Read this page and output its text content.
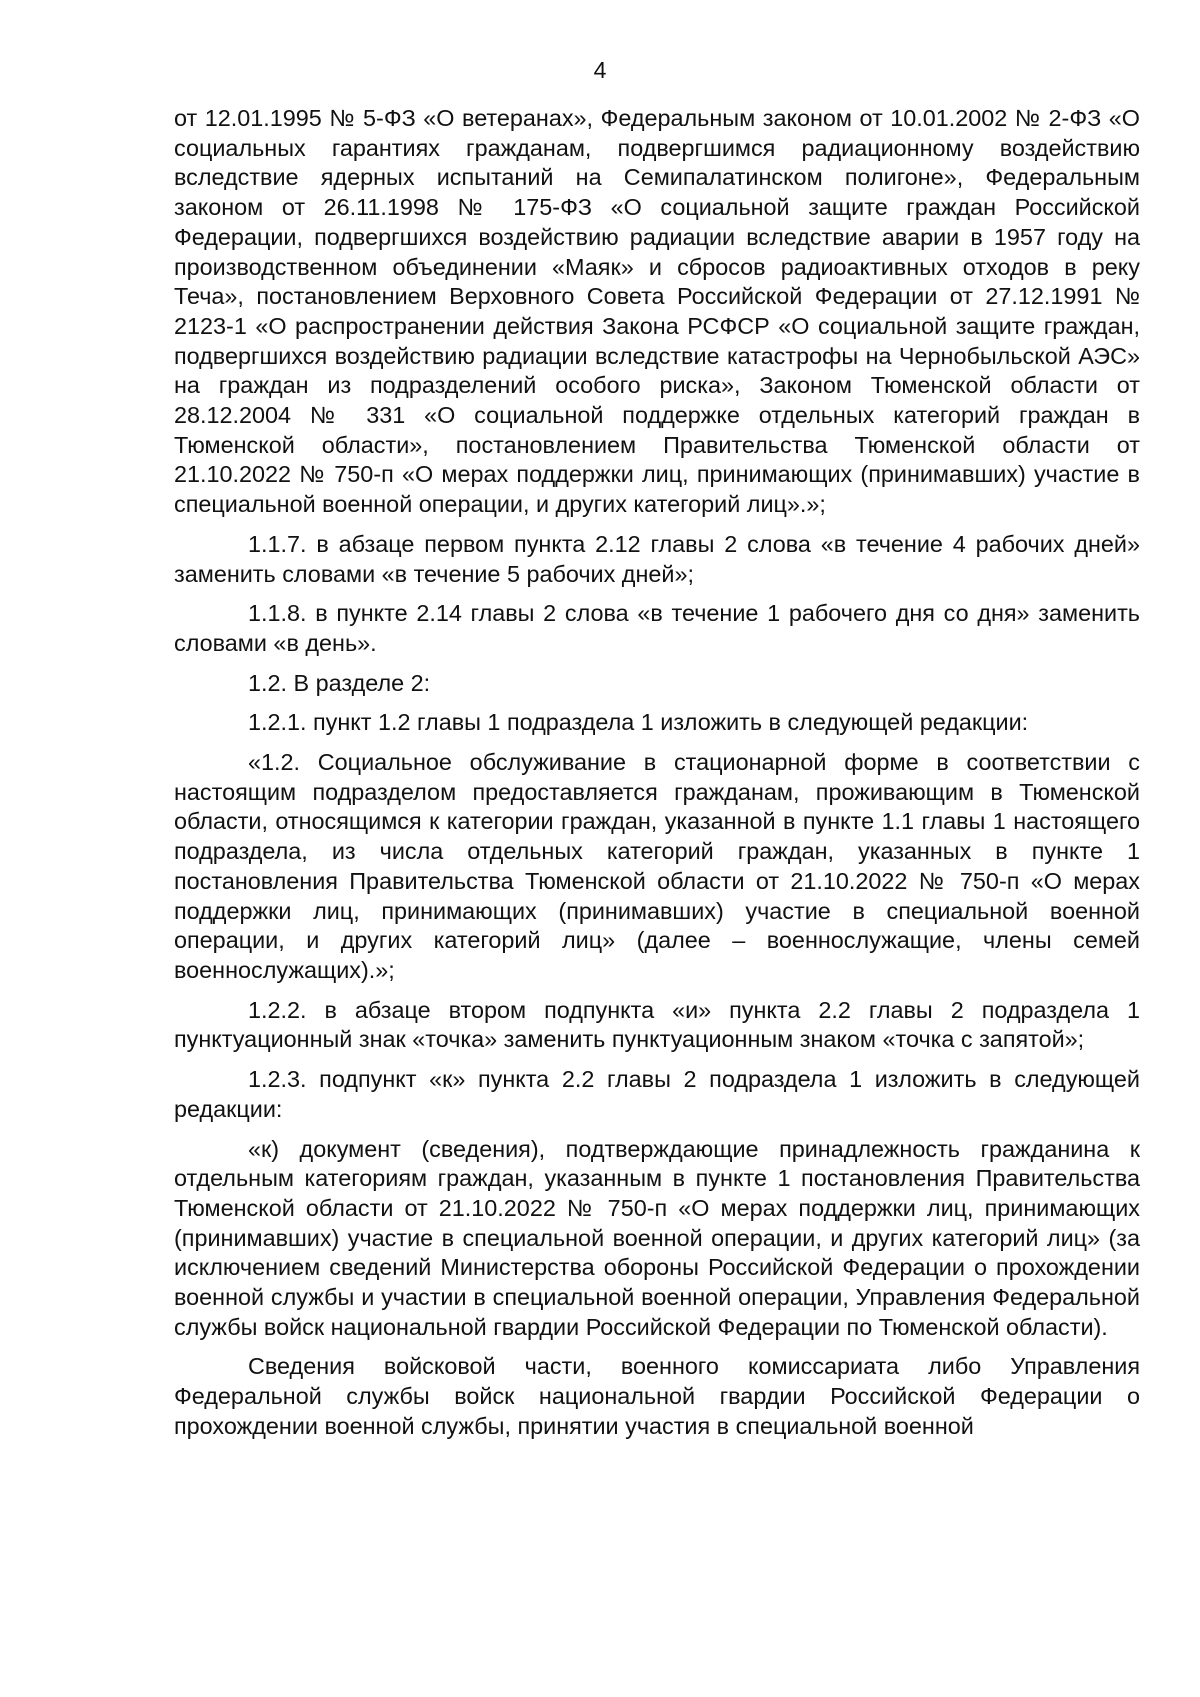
4

от 12.01.1995 № 5-ФЗ «О ветеранах», Федеральным законом от 10.01.2002 № 2-ФЗ «О социальных гарантиях гражданам, подвергшимся радиационному воздействию вследствие ядерных испытаний на Семипалатинском полигоне», Федеральным законом от 26.11.1998 № 175-ФЗ «О социальной защите граждан Российской Федерации, подвергшихся воздействию радиации вследствие аварии в 1957 году на производственном объединении «Маяк» и сбросов радиоактивных отходов в реку Теча», постановлением Верховного Совета Российской Федерации от 27.12.1991 № 2123-1 «О распространении действия Закона РСФСР «О социальной защите граждан, подвергшихся воздействию радиации вследствие катастрофы на Чернобыльской АЭС» на граждан из подразделений особого риска», Законом Тюменской области от 28.12.2004 № 331 «О социальной поддержке отдельных категорий граждан в Тюменской области», постановлением Правительства Тюменской области от 21.10.2022 № 750-п «О мерах поддержки лиц, принимающих (принимавших) участие в специальной военной операции, и других категорий лиц».»;

1.1.7. в абзаце первом пункта 2.12 главы 2 слова «в течение 4 рабочих дней» заменить словами «в течение 5 рабочих дней»;

1.1.8. в пункте 2.14 главы 2 слова «в течение 1 рабочего дня со дня» заменить словами «в день».

1.2. В разделе 2:

1.2.1. пункт 1.2 главы 1 подраздела 1 изложить в следующей редакции:

«1.2. Социальное обслуживание в стационарной форме в соответствии с настоящим подразделом предоставляется гражданам, проживающим в Тюменской области, относящимся к категории граждан, указанной в пункте 1.1 главы 1 настоящего подраздела, из числа отдельных категорий граждан, указанных в пункте 1 постановления Правительства Тюменской области от 21.10.2022 № 750-п «О мерах поддержки лиц, принимающих (принимавших) участие в специальной военной операции, и других категорий лиц» (далее – военнослужащие, члены семей военнослужащих).»;

1.2.2. в абзаце втором подпункта «и» пункта 2.2 главы 2 подраздела 1 пунктуационный знак «точка» заменить пунктуационным знаком «точка с запятой»;

1.2.3. подпункт «к» пункта 2.2 главы 2 подраздела 1 изложить в следующей редакции:

«к) документ (сведения), подтверждающие принадлежность гражданина к отдельным категориям граждан, указанным в пункте 1 постановления Правительства Тюменской области от 21.10.2022 № 750-п «О мерах поддержки лиц, принимающих (принимавших) участие в специальной военной операции, и других категорий лиц» (за исключением сведений Министерства обороны Российской Федерации о прохождении военной службы и участии в специальной военной операции, Управления Федеральной службы войск национальной гвардии Российской Федерации по Тюменской области).

Сведения войсковой части, военного комиссариата либо Управления Федеральной службы войск национальной гвардии Российской Федерации о прохождении военной службы, принятии участия в специальной военной
